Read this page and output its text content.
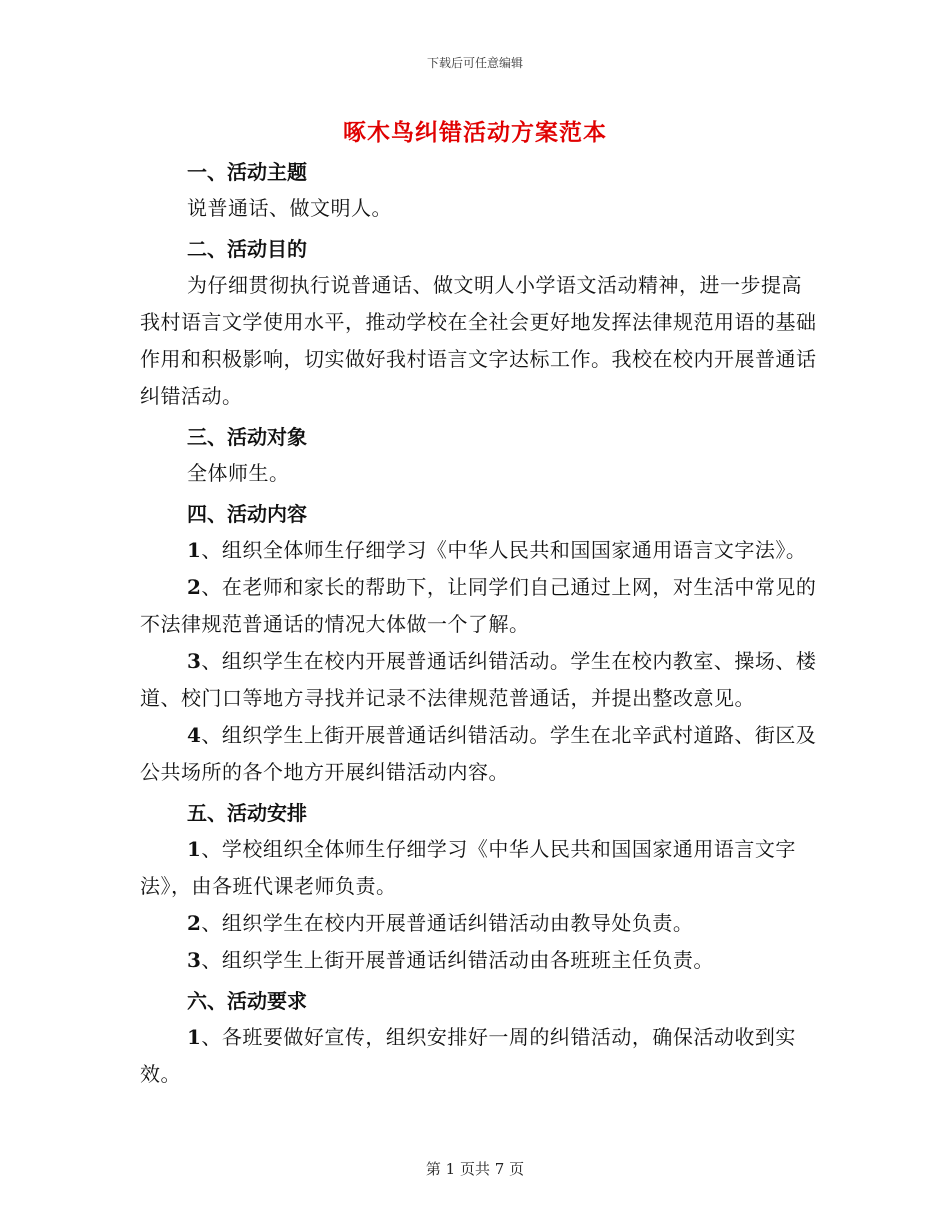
下载后可任意编辑
啄木鸟纠错活动方案范本
一、活动主题

说普通话、做文明人。

二、活动目的

为仔细贯彻执行说普通话、做文明人小学语文活动精神，进一步提高我村语言文学使用水平，推动学校在全社会更好地发挥法律规范用语的基础作用和积极影响，切实做好我村语言文字达标工作。我校在校内开展普通话纠错活动。

三、活动对象

全体师生。

四、活动内容

1、组织全体师生仔细学习《中华人民共和国国家通用语言文字法》。

2、在老师和家长的帮助下，让同学们自己通过上网，对生活中常见的不法律规范普通话的情况大体做一个了解。

3、组织学生在校内开展普通话纠错活动。学生在校内教室、操场、楼道、校门口等地方寻找并记录不法律规范普通话，并提出整改意见。

4、组织学生上街开展普通话纠错活动。学生在北辛武村道路、街区及公共场所的各个地方开展纠错活动内容。

五、活动安排

1、学校组织全体师生仔细学习《中华人民共和国国家通用语言文字法》，由各班代课老师负责。

2、组织学生在校内开展普通话纠错活动由教导处负责。

3、组织学生上街开展普通话纠错活动由各班班主任负责。

六、活动要求

1、各班要做好宣传，组织安排好一周的纠错活动，确保活动收到实效。

第 1 页共 7 页
